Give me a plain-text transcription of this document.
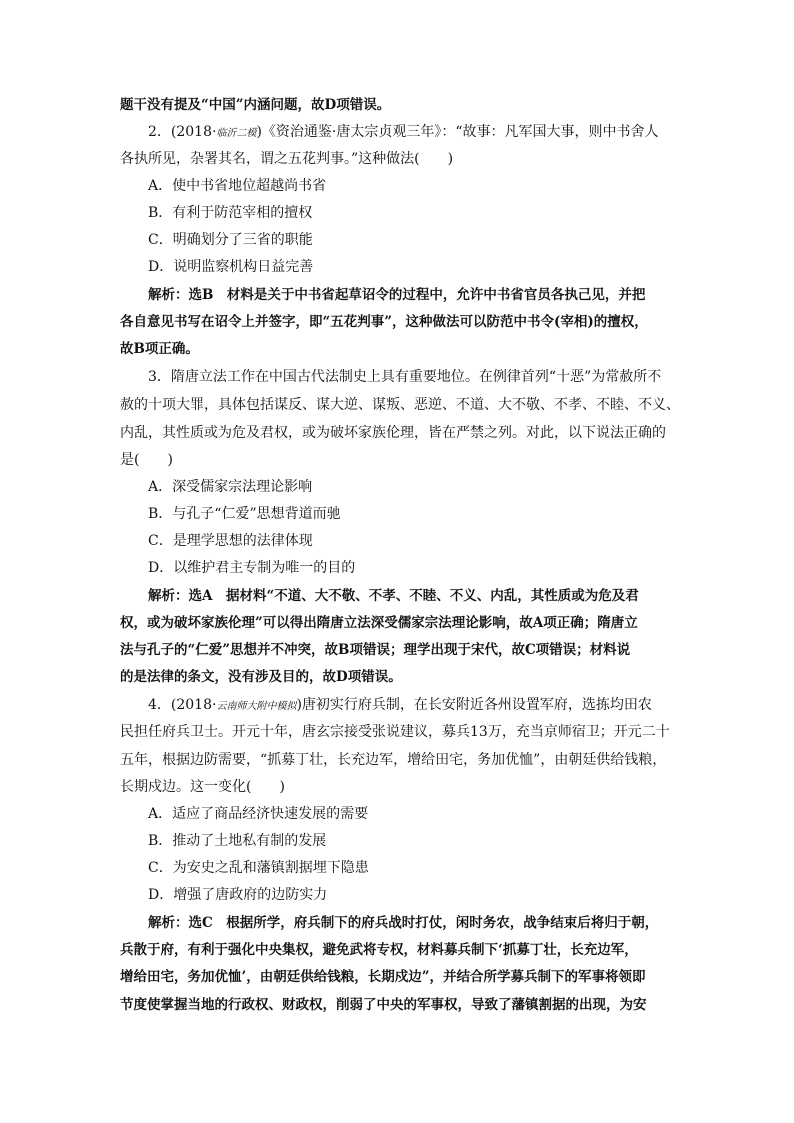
题干没有提及“中国”内涵问题，故D项错误。
2．(2018·临沂二模)《资治通鉴·唐太宗贞观三年》：“故事：凡军国大事，则中书舍人
各执所见，杂署其名，谓之五花判事。”这种做法(　　)
A．使中书省地位超越尚书省
B．有利于防范宰相的擅权
C．明确划分了三省的职能
D．说明监察机构日益完善
解析：选B　材料是关于中书省起草诏令的过程中，允许中书省官员各执己见，并把
各自意见书写在诏令上并签字，即“五花判事”，这种做法可以防范中书令(宰相)的擅权，
故B项正确。
3．隋唐立法工作在中国古代法制史上具有重要地位。在例律首列“十恶”为常赦所不
赦的十项大罪，具体包括谋反、谋大逆、谋叛、恶逆、不道、大不敬、不孝、不睦、不义、
内乱，其性质或为危及君权，或为破坏家族伦理，皆在严禁之列。对此，以下说法正确的
是(　　)
A．深受儒家宗法理论影响
B．与孔子“仁爱”思想背道而驰
C．是理学思想的法律体现
D．以维护君主专制为唯一的目的
解析：选A　据材料“不道、大不敬、不孝、不睦、不义、内乱，其性质或为危及君
权，或为破坏家族伦理”可以得出隋唐立法深受儒家宗法理论影响，故A项正确；隋唐立
法与孔子的“仁爱”思想并不冲突，故B项错误；理学出现于宋代，故C项错误；材料说
的是法律的条文，没有涉及目的，故D项错误。
4．(2018·云南师大附中模拟)唐初实行府兵制，在长安附近各州设置军府，选拣均田农
民担任府兵卫士。开元十年，唐玄宗接受张说建议，募兵13万，充当京师宿卫；开元二十
五年，根据边防需要，“抓募丁壮，长充边军，增给田宅，务加优恤”，由朝廷供给钱粮，
长期戍边。这一变化(　　)
A．适应了商品经济快速发展的需要
B．推动了土地私有制的发展
C．为安史之乱和藩镇割据埋下隐患
D．增强了唐政府的边防实力
解析：选C　根据所学，府兵制下的府兵战时打仗，闲时务农，战争结束后将归于朝，
兵散于府，有利于强化中央集权，避免武将专权，材料募兵制下‘抓募丁壮，长充边军，
增给田宅，务加优恤’，由朝廷供给钱粮，长期戍边”，并结合所学募兵制下的军事将领即
节度使掌握当地的行政权、财政权，削弱了中央的军事权，导致了藩镇割据的出现，为安
